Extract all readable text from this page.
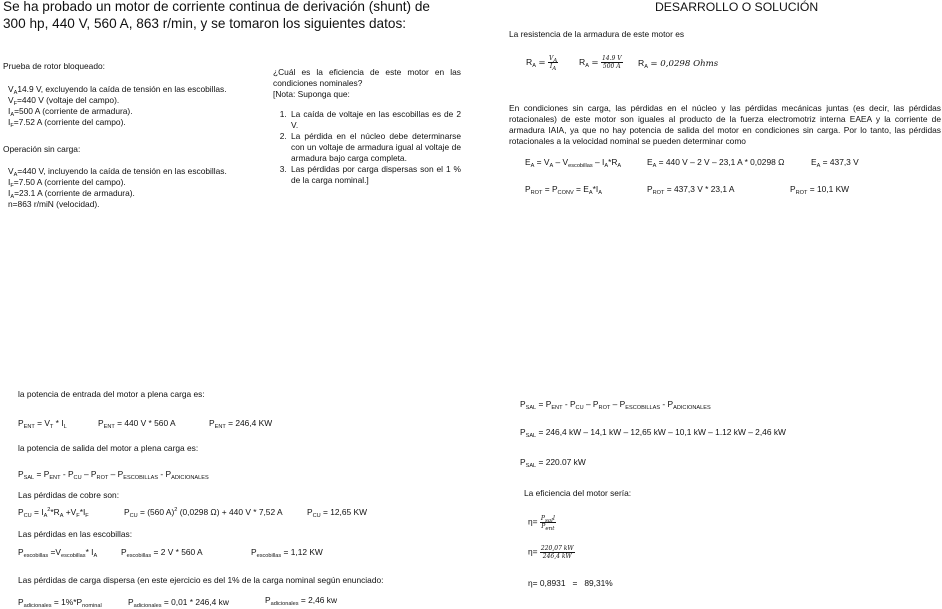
Se ha probado un motor de corriente continua de derivación (shunt) de 300 hp, 440 V, 560 A, 863 r/min, y se tomaron los siguientes datos:
Prueba de rotor bloqueado:
$V_A14.9$ V, excluyendo la caída de tensión en las escobillas.
$V_F=440$ V (voltaje del campo).
$I_A=500$ A (corriente de armadura).
$I_F=7.52$ A (corriente del campo).
Operación sin carga:
$V_A=440$ V, incluyendo la caída de tensión en las escobillas.
$I_F=7.50$ A (corriente del campo).
$I_A=23.1$ A (corriente de armadura).
n=863 r/miN (velocidad).
¿Cuál es la eficiencia de este motor en las condiciones nominales?
[Nota: Suponga que:
1. La caída de voltaje en las escobillas es de 2 V.
2. La pérdida en el núcleo debe determinarse con un voltaje de armadura igual al voltaje de armadura bajo carga completa.
3. Las pérdidas por carga dispersas son el 1 % de la carga nominal.]
DESARROLLO O SOLUCIÓN
La resistencia de la armadura de este motor es
$R_A = \frac{V_A}{I_A} R_A = \frac{14.9 V}{500 A} R_A = 0,0298$ Ohms
En condiciones sin carga, las pérdidas en el núcleo y las pérdidas mecánicas juntas (es decir, las pérdidas rotacionales) de este motor son iguales al producto de la fuerza electromotriz interna EAEA y la corriente de armadura IAIA, ya que no hay potencia de salida del motor en condiciones sin carga. Por lo tanto, las pérdidas rotacionales a la velocidad nominal se pueden determinar como
$E_A = V_A - V_{escobillas} - I_A*R_A$	$E_A = 440$ V – 2 V – 23,1 A * 0,0298 Ω	$E_A = 437,3$ V
$P_{ROT} = P_{CONV} = E_A*I_A$	$P_{ROT} = 437,3$ V * 23,1 A	$P_{ROT} = 10,1$ KW
la potencia de entrada del motor a plena carga es:
$P_{ENT} = V_T * I_L$	$P_{ENT} = 440$ V * 560 A	$P_{ENT} = 246,4$ KW
la potencia de salida del motor a plena carga es:
$P_{SAL} = P_{ENT} - P_{CU} - P_{ROT} - P_{ESCOBILLAS} - P_{ADICIONALES}$
Las pérdidas de cobre son:
$P_{CU} = I_A^2*R_A +V_F*I_F$	$P_{CU} = (560$ A)$^2$ (0,0298 Ω) + 440 V * 7,52 A	$P_{CU} = 12,65$ KW
Las pérdidas en las escobillas:
$P_{escobillas} =V_{escobillas}*$ $I_A$	$P_{escobillas} = 2$ V * 560 A	$P_{escobillas} = 1,12$ KW
Las pérdidas de carga dispersa (en este ejercicio es del 1% de la carga nominal según enunciado:
$P_{adicionales} = 1\%*P_{nominal}$	$P_{adicionales} = 0,01 * 246,4$ kw	$P_{adicionales} = 2,46$ kw
$P_{SAL} = P_{ENT} - P_{CU} - P_{ROT} - P_{ESCOBILLAS} - P_{ADICIONALES}$
$P_{SAL} = 246,4$ kW – 14,1 kW – 12,65 kW – 10,1 kW – 1.12 kW – 2,46 kW
$P_{SAL} = 220.07$ kW
La eficiencia del motor sería:
$\eta= \frac{P_{sal}l}{P_{ent}}$
$\eta= \frac{220,07 kW}{246,4 kW}$
η= 0,8931   =   89,31%
